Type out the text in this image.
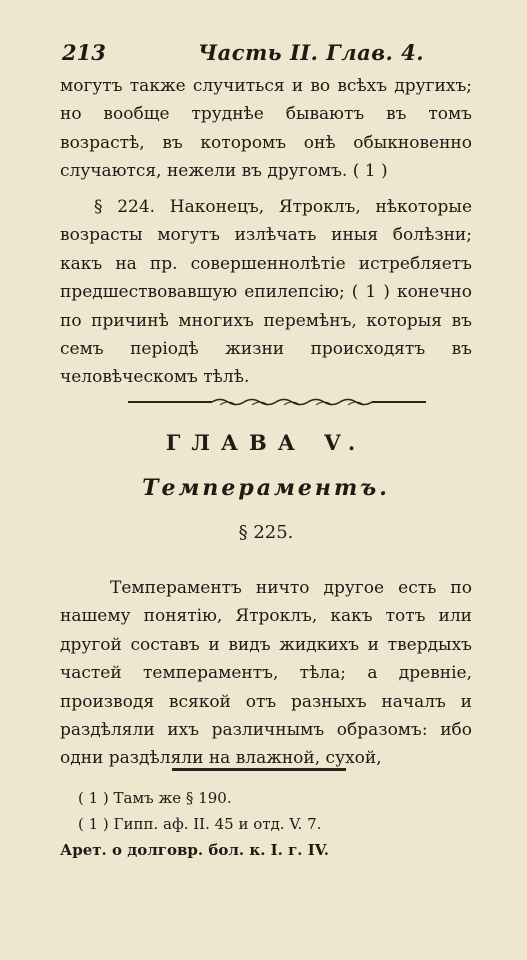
213	Часть II. Глав. 4.
могутъ также случиться и во всѣхъ другихъ; но вообще труднѣе бываютъ въ томъ возрастѣ, въ которомъ онѣ обыкновенно случаются, нежели въ другомъ. ( 1 )
§ 224. Наконецъ, Ятроклъ, нѣкоторые возрасты могутъ излѣчать иныя болѣзни; какъ на пр. совершеннолѣтіе истребляетъ предшествовавшую епилепсію; ( 1 ) конечно по причинѣ многихъ перемѣнъ, которыя въ семъ періодѣ жизни происходятъ въ человѣческомъ тѣлѣ.
ГЛАВА V.
Темпераментъ.
§ 225.
Темпераментъ ничто другое есть по нашему понятію, Ятроклъ, какъ тотъ или другой составъ и видъ жидкихъ и твердыхъ частей темпераментъ, тѣла; а древніе, производя всякой отъ разныхъ началъ и раздѣляли ихъ различнымъ образомъ: ибо одни раздѣляли на влажной, сухой,
( 1 ) Тамъ же § 190.
( 1 ) Гипп. аф. II. 45 и отд. V. 7.
Арет. о долговр. бол. к. I. г. IV.
